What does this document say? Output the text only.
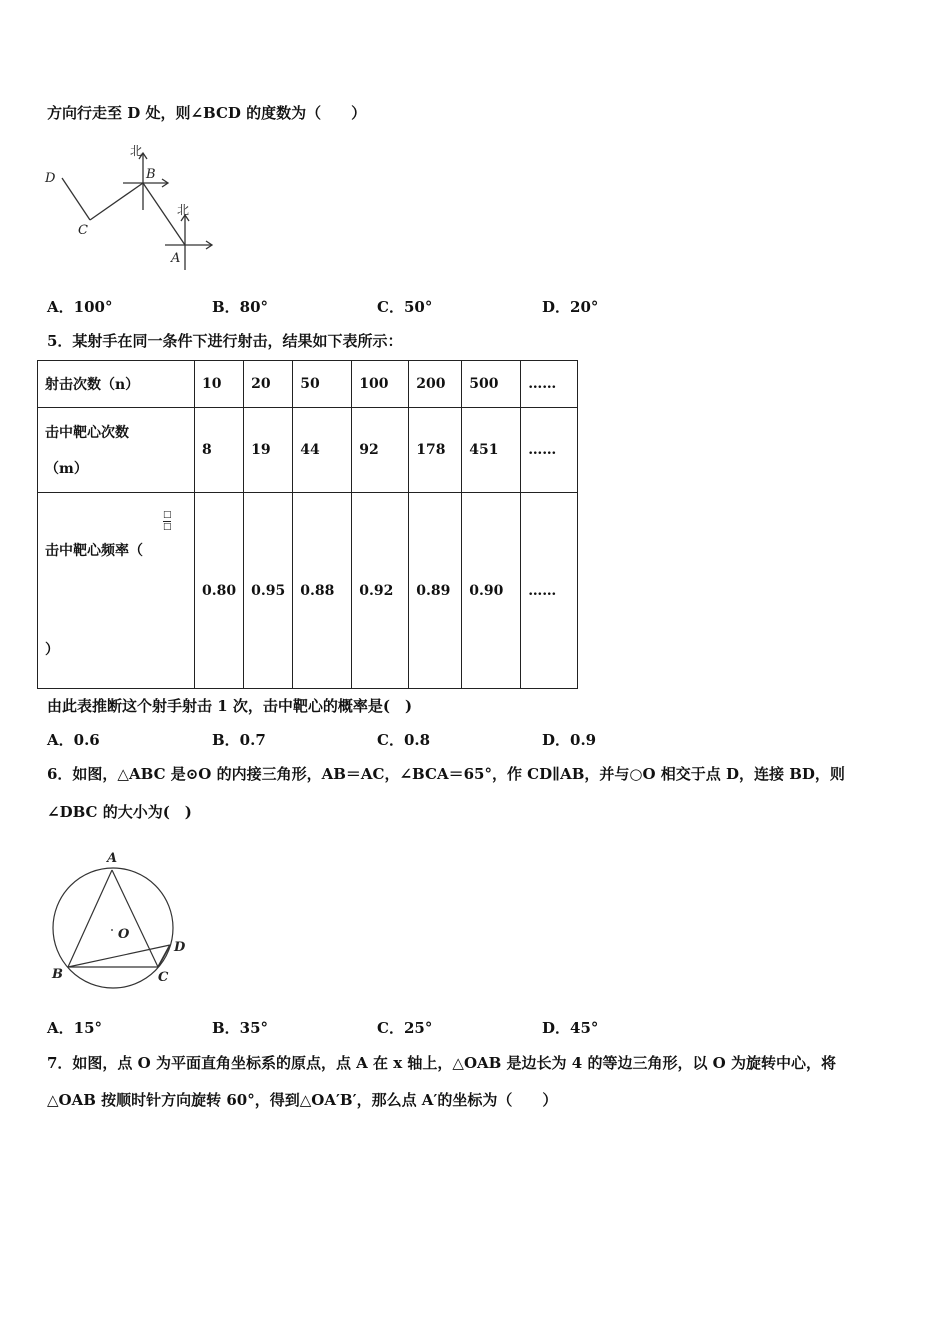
方向行走至 D 处，则∠BCD 的度数为（　　）
D
C
B
A
北
北
A．100°	B．80°	C．50°	D．20°
5．某射手在同一条件下进行射击，结果如下表所示：
射击次数（n）	10	20	50	100	200	500	……

击中靶心次数
（m）	8	19	44	92	178	451	……

□
□
击中靶心频率（
）	0.80	0.95	0.88	0.92	0.89	0.90	……
由此表推断这个射手射击 1 次，击中靶心的概率是(　)
A．0.6	B．0.7	C．0.8	D．0.9
6．如图，△ABC 是⊙O 的内接三角形，AB＝AC，∠BCA＝65°，作 CD∥AB，并与○O 相交于点 D，连接 BD，则
∠DBC 的大小为(　)
A
B	C
D
O
A．15°	B．35°	C．25°	D．45°
7．如图，点 O 为平面直角坐标系的原点，点 A 在 x 轴上，△OAB 是边长为 4 的等边三角形，以 O 为旋转中心，将
△OAB 按顺时针方向旋转 60°，得到△OA′B′，那么点 A′的坐标为（　　）
